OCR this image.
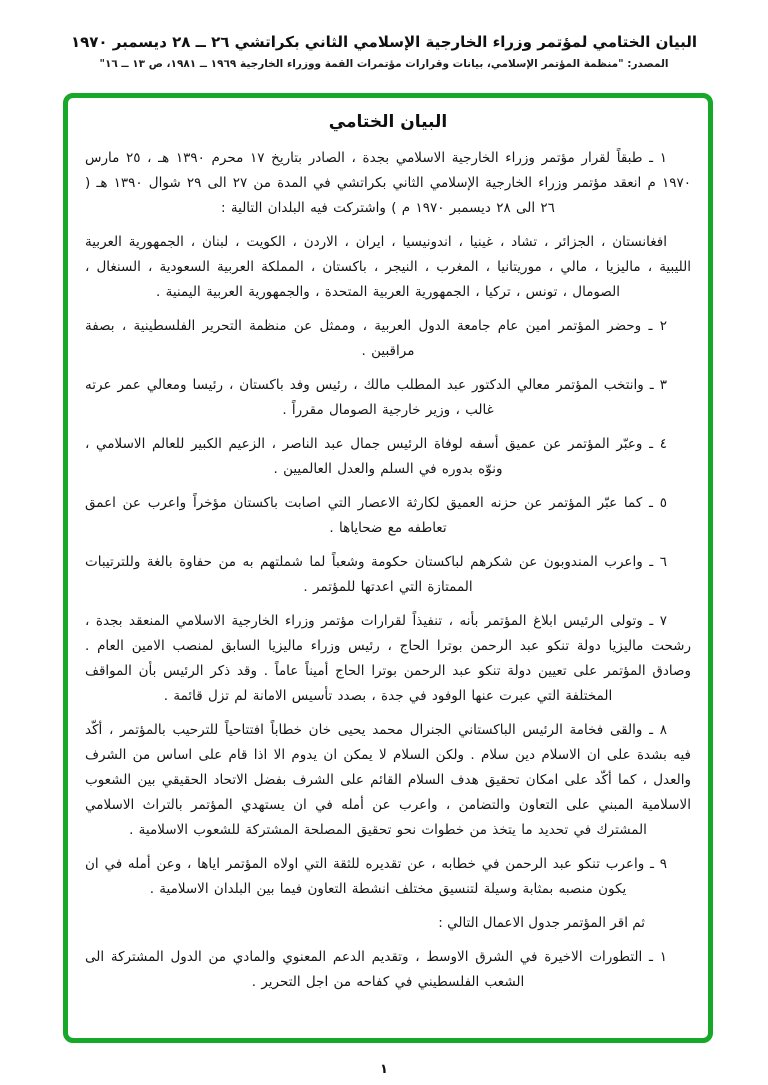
البيان الختامي لمؤتمر وزراء الخارجية الإسلامي الثاني بكراتشي ٢٦ ــ ٢٨ ديسمبر ١٩٧٠
المصدر: "منظمة المؤتمر الإسلامي، بيانات وقرارات مؤتمرات القمة ووزراء الخارجية ١٩٦٩ ــ ١٩٨١، ص ١٣ ــ ١٦"
البيان الختامي

١ ـ طبقاً لقرار مؤتمر وزراء الخارجية الاسلامي بجدة ، الصادر بتاريخ ١٧ محرم ١٣٩٠ هـ ، ٢٥ مارس ١٩٧٠ م انعقد مؤتمر وزراء الخارجية الإسلامي الثاني بكراتشي في المدة من ٢٧ الى ٢٩ شوال ١٣٩٠ هـ ( ٢٦ الى ٢٨ ديسمبر ١٩٧٠ م ) واشتركت فيه البلدان التالية :

افغانستان ، الجزائر ، تشاد ، غينيا ، اندونيسيا ، ايران ، الاردن ، الكويت ، لبنان ، الجمهورية العربية الليبية ، ماليزيا ، مالي ، موريتانيا ، المغرب ، النيجر ، باكستان ، المملكة العربية السعودية ، السنغال ، الصومال ، تونس ، تركيا ، الجمهورية العربية المتحدة ، والجمهورية العربية اليمنية .

٢ ـ وحضر المؤتمر امين عام جامعة الدول العربية ، وممثل عن منظمة التحرير الفلسطينية ، بصفة مراقبين .

٣ ـ وانتخب المؤتمر معالي الدكتور عبد المطلب مالك ، رئيس وفد باكستان ، رئيسا ومعالي عمر عرته غالب ، وزير خارجية الصومال مقرراً .

٤ ـ وعبّر المؤتمر عن عميق أسفه لوفاة الرئيس جمال عبد الناصر ، الزعيم الكبير للعالم الاسلامي ، ونوّه بدوره في السلم والعدل العالميين .

٥ ـ كما عبّر المؤتمر عن حزنه العميق لكارثة الاعصار التي اصابت باكستان مؤخراً واعرب عن اعمق تعاطفه مع ضحاياها .

٦ ـ واعرب المندوبون عن شكرهم لباكستان حكومة وشعباً لما شملتهم به من حفاوة بالغة وللترتيبات الممتازة التي اعدتها للمؤتمر .

٧ ـ وتولى الرئيس ابلاغ المؤتمر بأنه ، تنفيذاً لقرارات مؤتمر وزراء الخارجية الاسلامي المنعقد بجدة ، رشحت ماليزيا دولة تنكو عبد الرحمن بوترا الحاج ، رئيس وزراء ماليزيا السابق لمنصب الامين العام . وصادق المؤتمر على تعيين دولة تنكو عبد الرحمن بوترا الحاج أميناً عاماً . وقد ذكر الرئيس بأن المواقف المختلفة التي عبرت عنها الوفود في جدة ، بصدد تأسيس الامانة لم تزل قائمة .

٨ ـ والقى فخامة الرئيس الباكستاني الجنرال محمد يحيى خان خطاباً افتتاحياً للترحيب بالمؤتمر ، أكّد فيه بشدة على ان الاسلام دين سلام . ولكن السلام لا يمكن ان يدوم الا اذا قام على اساس من الشرف والعدل ، كما أكّد على امكان تحقيق هدف السلام القائم على الشرف بفضل الاتحاد الحقيقي بين الشعوب الاسلامية المبني على التعاون والتضامن ، واعرب عن أمله في ان يستهدي المؤتمر بالتراث الاسلامي المشترك في تحديد ما يتخذ من خطوات نحو تحقيق المصلحة المشتركة للشعوب الاسلامية .

٩ ـ واعرب تنكو عبد الرحمن في خطابه ، عن تقديره للثقة التي اولاه المؤتمر اياها ، وعن أمله في ان يكون منصبه بمثابة وسيلة لتنسيق مختلف انشطة التعاون فيما بين البلدان الاسلامية .

ثم اقر المؤتمر جدول الاعمال التالي :

١ ـ التطورات الاخيرة في الشرق الاوسط ، وتقديم الدعم المعنوي والمادي من الدول المشتركة الى الشعب الفلسطيني في كفاحه من اجل التحرير .

١
